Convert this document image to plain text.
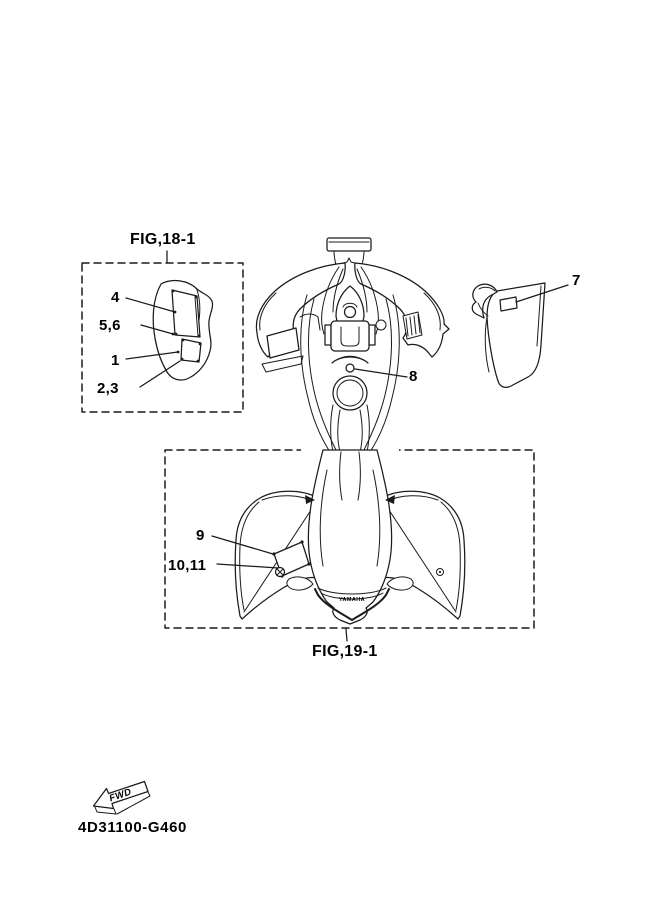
YAMAHA
FWD
FIG,18-1
FIG,19-1
4
5,6
1
2,3
7
8
9
10,11
4D31100-G460
